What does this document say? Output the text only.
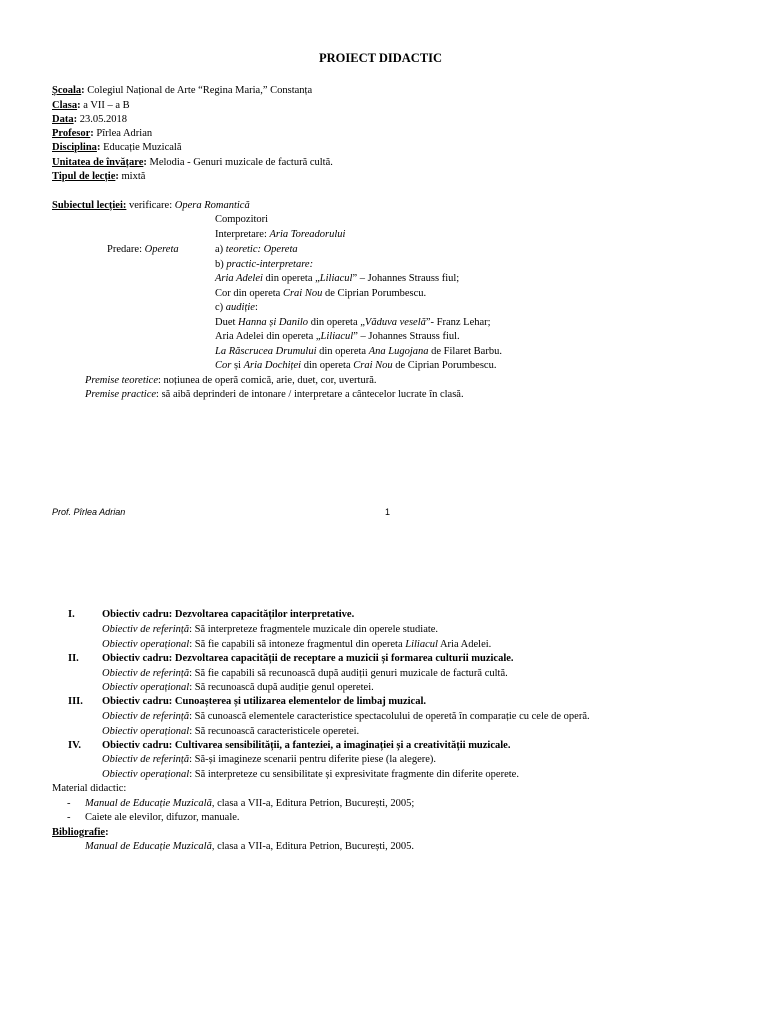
PROIECT DIDACTIC
Școala: Colegiul Național de Arte “Regina Maria,” Constanța
Clasa: a VII – a B
Data: 23.05.2018
Profesor: Pîrlea Adrian
Disciplina: Educație Muzicală
Unitatea de învățare: Melodia - Genuri muzicale de factură cultă.
Tipul de lecție: mixtă
Subiectul lecției: verificare: Opera Romantică
Compozitori
Interpretare: Aria Toreadorului
Predare: Opereta	a) teoretic: Opereta
b) practic-interpretare:
Aria Adelei din opereta „Liliacul” – Johannes Strauss fiul;
Cor din opereta Crai Nou de Ciprian Porumbescu.
c) audiție:
Duet Hanna și Danilo din opereta „Văduva veselă”- Franz Lehar;
Aria Adelei din opereta „Liliacul” – Johannes Strauss fiul.
La Răscrucea Drumului din opereta Ana Lugojana de Filaret Barbu.
Cor și Aria Dochiței din opereta Crai Nou de Ciprian Porumbescu.
Premise teoretice: noțiunea de operă comică, arie, duet, cor, uvertură.
Premise practice: să aibă deprinderi de intonare / interpretare a cântecelor lucrate în clasă.
Prof. Pîrlea Adrian	1
I.	Obiectiv cadru: Dezvoltarea capacităților interpretative.
Obiectiv de referință: Să interpreteze fragmentele muzicale din operele studiate.
Obiectiv operațional: Să fie capabili să intoneze fragmentul din opereta Liliacul Aria Adelei.
II. Obiectiv cadru: Dezvoltarea capacității de receptare a muzicii și formarea culturii muzicale.
Obiectiv de referință: Să fie capabili să recunoască după audiții genuri muzicale de factură cultă.
Obiectiv operațional: Să recunoască după audiție genul operetei.
III. Obiectiv cadru: Cunoașterea și utilizarea elementelor de limbaj muzical.
Obiectiv de referință: Să cunoască elementele caracteristice spectacolului de operetă în comparație cu cele de operă.
Obiectiv operațional: Să recunoască caracteristicele operetei.
IV. Obiectiv cadru: Cultivarea sensibilității, a fanteziei, a imaginației și a creativității muzicale.
Obiectiv de referință: Să-și imagineze scenarii pentru diferite piese (la alegere).
Obiectiv operațional: Să interpreteze cu sensibilitate și expresivitate fragmente din diferite operete.
Material didactic:
- Manual de Educație Muzicală, clasa a VII-a, Editura Petrion, București, 2005;
- Caiete ale elevilor, difuzor, manuale.
Bibliografie:
Manual de Educație Muzicală, clasa a VII-a, Editura Petrion, București, 2005.
